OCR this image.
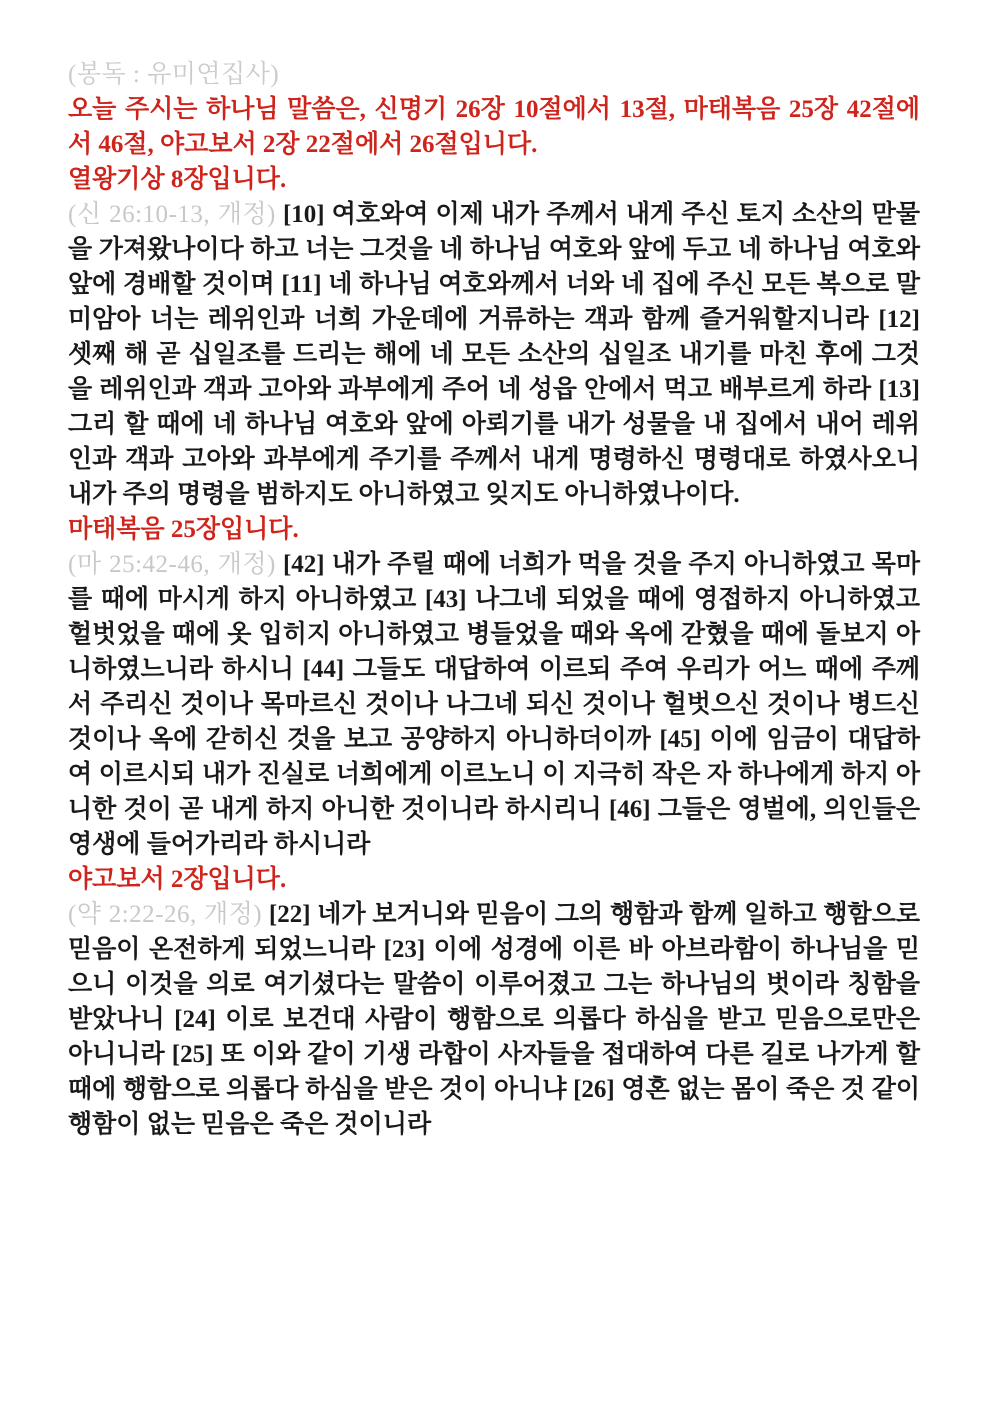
(봉독 : 유미연집사)

오늘 주시는 하나님 말씀은, 신명기 26장 10절에서 13절, 마태복음 25장 42절에서 46절, 야고보서 2장 22절에서 26절입니다.

열왕기상 8장입니다.

(신 26:10-13, 개정) [10] 여호와여 이제 내가 주께서 내게 주신 토지 소산의 맏물을 가져왔나이다 하고 너는 그것을 네 하나님 여호와 앞에 두고 네 하나님 여호와 앞에 경배할 것이며 [11] 네 하나님 여호와께서 너와 네 집에 주신 모든 복으로 말미암아 너는 레위인과 너희 가운데에 거류하는 객과 함께 즐거워할지니라 [12] 셋째 해 곧 십일조를 드리는 해에 네 모든 소산의 십일조 내기를 마친 후에 그것을 레위인과 객과 고아와 과부에게 주어 네 성읍 안에서 먹고 배부르게 하라 [13] 그리 할 때에 네 하나님 여호와 앞에 아뢰기를 내가 성물을 내 집에서 내어 레위인과 객과 고아와 과부에게 주기를 주께서 내게 명령하신 명령대로 하였사오니 내가 주의 명령을 범하지도 아니하였고 잊지도 아니하였나이다.

마태복음 25장입니다.

(마 25:42-46, 개정) [42] 내가 주릴 때에 너희가 먹을 것을 주지 아니하였고 목마를 때에 마시게 하지 아니하였고 [43] 나그네 되었을 때에 영접하지 아니하였고 헐벗었을 때에 옷 입히지 아니하였고 병들었을 때와 옥에 갇혔을 때에 돌보지 아니하였느니라 하시니 [44] 그들도 대답하여 이르되 주여 우리가 어느 때에 주께서 주리신 것이나 목마르신 것이나 나그네 되신 것이나 헐벗으신 것이나 병드신 것이나 옥에 갇히신 것을 보고 공양하지 아니하더이까 [45] 이에 임금이 대답하여 이르시되 내가 진실로 너희에게 이르노니 이 지극히 작은 자 하나에게 하지 아니한 것이 곧 내게 하지 아니한 것이니라 하시리니 [46] 그들은 영벌에, 의인들은 영생에 들어가리라 하시니라

야고보서 2장입니다.

(약 2:22-26, 개정) [22] 네가 보거니와 믿음이 그의 행함과 함께 일하고 행함으로 믿음이 온전하게 되었느니라 [23] 이에 성경에 이른 바 아브라함이 하나님을 믿으니 이것을 의로 여기셨다는 말씀이 이루어졌고 그는 하나님의 벗이라 칭함을 받았나니 [24] 이로 보건대 사람이 행함으로 의롭다 하심을 받고 믿음으로만은 아니니라 [25] 또 이와 같이 기생 라합이 사자들을 접대하여 다른 길로 나가게 할 때에 행함으로 의롭다 하심을 받은 것이 아니냐 [26] 영혼 없는 몸이 죽은 것 같이 행함이 없는 믿음은 죽은 것이니라
